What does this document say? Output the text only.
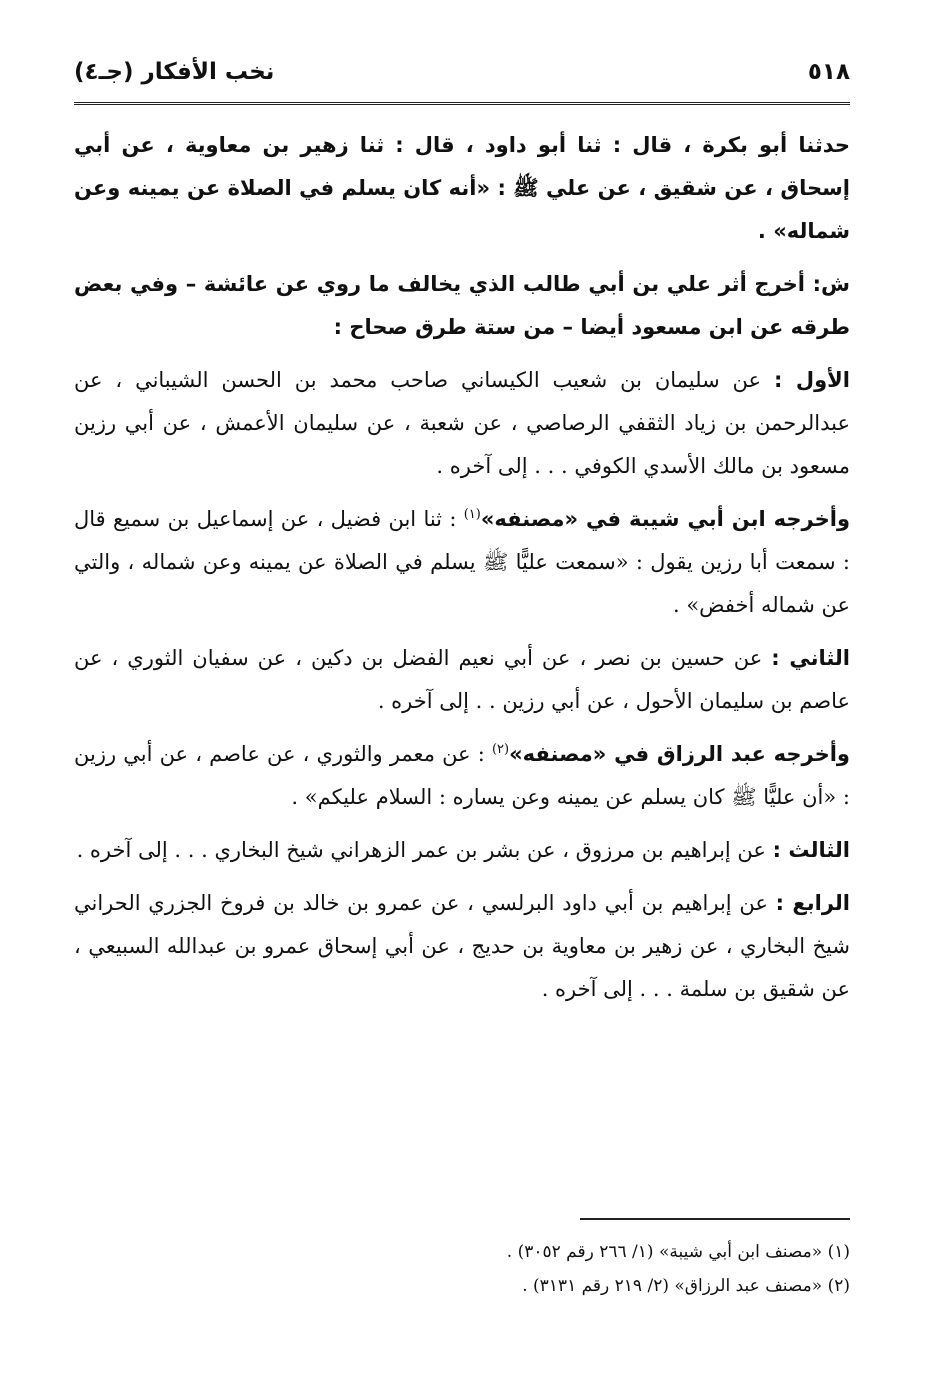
٥١٨
نخب الأفكار (جـ٤)

حدثنا أبو بكرة ، قال : ثنا أبو داود ، قال : ثنا زهير بن معاوية ، عن أبي إسحاق ، عن شقيق ، عن علي ﷺ : «أنه كان يسلم في الصلاة عن يمينه وعن شماله» .

ش: أخرج أثر علي بن أبي طالب الذي يخالف ما روي عن عائشة – وفي بعض طرقه عن ابن مسعود أيضا – من ستة طرق صحاح :

الأول : عن سليمان بن شعيب الكيساني صاحب محمد بن الحسن الشيباني ، عن عبدالرحمن بن زياد الثقفي الرصاصي ، عن شعبة ، عن سليمان الأعمش ، عن أبي رزين مسعود بن مالك الأسدي الكوفي . . . إلى آخره .

وأخرجه ابن أبي شيبة في «مصنفه»$^{(١)}$ : ثنا ابن فضيل ، عن إسماعيل بن سميع قال : سمعت أبا رزين يقول : «سمعت عليًّا ﷺ يسلم في الصلاة عن يمينه وعن شماله ، والتي عن شماله أخفض» .

الثاني : عن حسين بن نصر ، عن أبي نعيم الفضل بن دكين ، عن سفيان الثوري ، عن عاصم بن سليمان الأحول ، عن أبي رزين . . إلى آخره .

وأخرجه عبد الرزاق في «مصنفه»$^{(٢)}$ : عن معمر والثوري ، عن عاصم ، عن أبي رزين : «أن عليًّا ﷺ كان يسلم عن يمينه وعن يساره : السلام عليكم» .

الثالث : عن إبراهيم بن مرزوق ، عن بشر بن عمر الزهراني شيخ البخاري . . . إلى آخره .

الرابع : عن إبراهيم بن أبي داود البرلسي ، عن عمرو بن خالد بن فروخ الجزري الحراني شيخ البخاري ، عن زهير بن معاوية بن حديج ، عن أبي إسحاق عمرو بن عبدالله السبيعي ، عن شقيق بن سلمة . . . إلى آخره .

(١) «مصنف ابن أبي شيبة» (١/ ٢٦٦ رقم ٣٠٥٢) .

(٢) «مصنف عبد الرزاق» (٢/ ٢١٩ رقم ٣١٣١) .
